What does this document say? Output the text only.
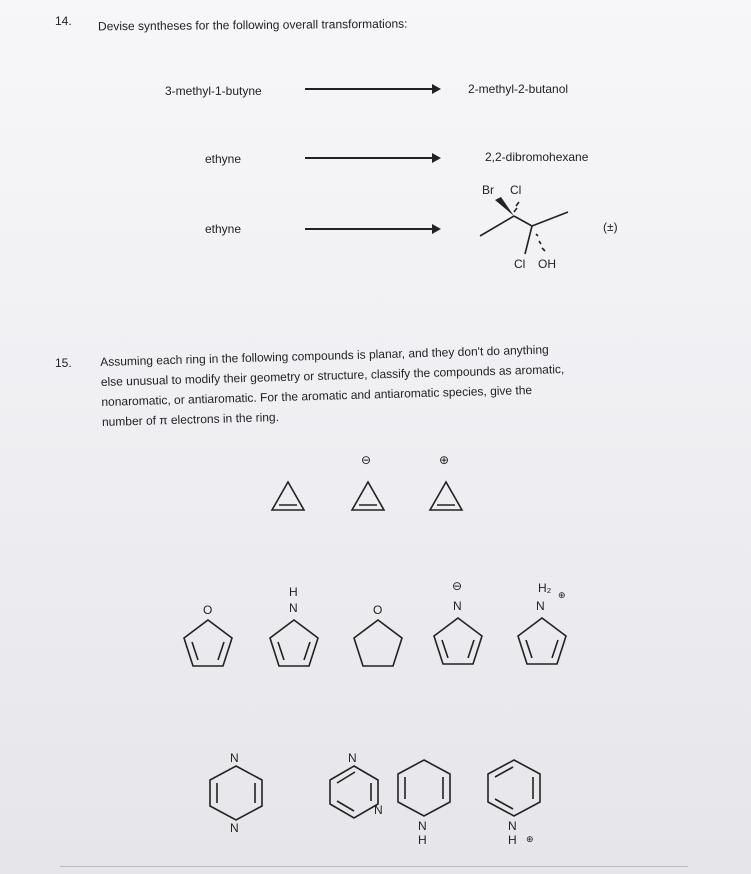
14. Devise syntheses for the following overall transformations:
3-methyl-1-butyne	2-methyl-2-butanol
ethyne	2,2-dibromohexane
ethyne
Br Cl
Cl OH
(±)
15. Assuming each ring in the following compounds is planar, and they don't do anything

else unusual to modify their geometry or structure, classify the compounds as aromatic,

nonaromatic, or antiaromatic. For the aromatic and antiaromatic species, give the

number of π electrons in the ring.

⊖	⊕
O
H
N	O
⊖
N
H₂ ⊕
N
N
N
N
N
N
H
N
H ⊕
